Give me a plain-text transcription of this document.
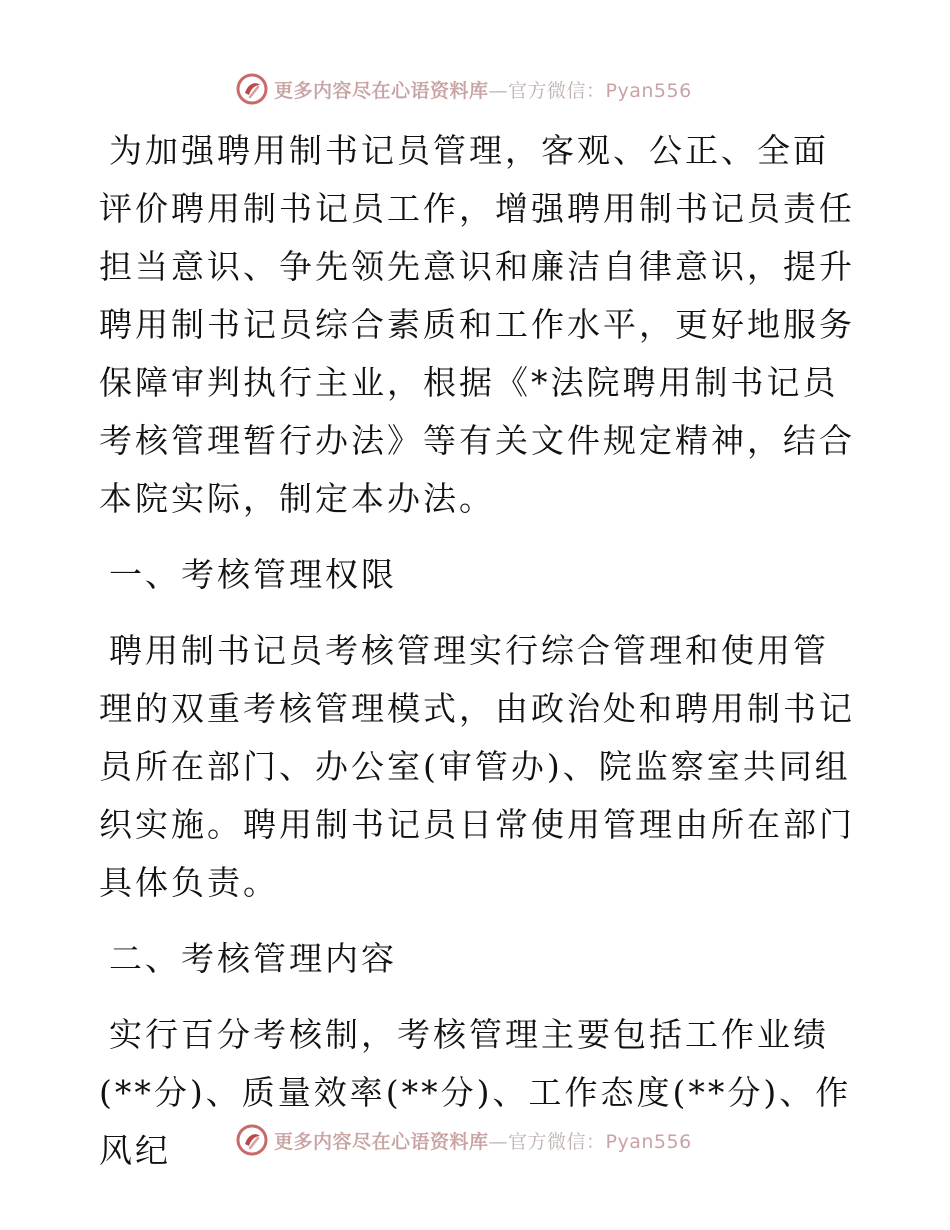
更多内容尽在心语资料库—官方微信：Pyan556

为加强聘用制书记员管理，客观、公正、全面评价聘用制书记员工作，增强聘用制书记员责任担当意识、争先领先意识和廉洁自律意识，提升聘用制书记员综合素质和工作水平，更好地服务保障审判执行主业，根据《*法院聘用制书记员考核管理暂行办法》等有关文件规定精神，结合本院实际，制定本办法。

一、考核管理权限

聘用制书记员考核管理实行综合管理和使用管理的双重考核管理模式，由政治处和聘用制书记员所在部门、办公室(审管办)、院监察室共同组织实施。聘用制书记员日常使用管理由所在部门具体负责。

二、考核管理内容

实行百分考核制，考核管理主要包括工作业绩(**分)、质量效率(**分)、工作态度(**分)、作风纪	更多内容尽在心语资料库—官方微信：Pyan556
